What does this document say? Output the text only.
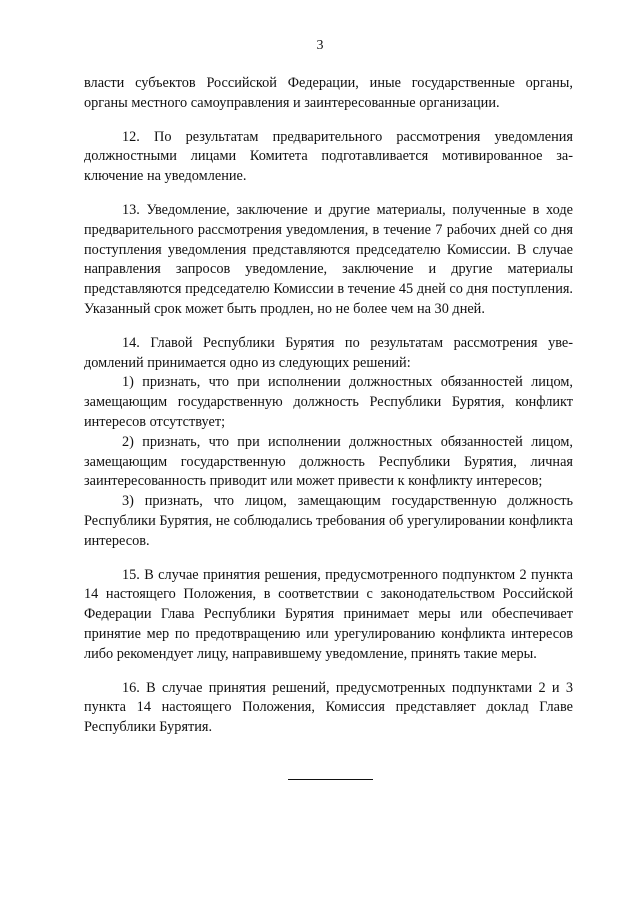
3

власти субъектов Российской Федерации, иные государственные органы, органы местного самоуправления и заинтересованные организации.

12. По результатам предварительного рассмотрения уведомления должностными лицами Комитета подготавливается мотивированное заключение на уведомление.

13. Уведомление, заключение и другие материалы, полученные в ходе предварительного рассмотрения уведомления, в течение 7 рабочих дней со дня поступления уведомления представляются председателю Комиссии. В случае направления запросов уведомление, заключение и другие материалы представляются председателю Комиссии в течение 45 дней со дня поступления. Указанный срок может быть продлен, но не более чем на 30 дней.

14. Главой Республики Бурятия по результатам рассмотрения уведомлений принимается одно из следующих решений:

1) признать, что при исполнении должностных обязанностей лицом, замещающим государственную должность Республики Бурятия, конфликт интересов отсутствует;

2) признать, что при исполнении должностных обязанностей лицом, замещающим государственную должность Республики Бурятия, личная заинтересованность приводит или может привести к конфликту интересов;

3) признать, что лицом, замещающим государственную должность Республики Бурятия, не соблюдались требования об урегулировании конфликта интересов.

15. В случае принятия решения, предусмотренного подпунктом 2 пункта 14 настоящего Положения, в соответствии с законодательством Российской Федерации Глава Республики Бурятия принимает меры или обеспечивает принятие мер по предотвращению или урегулированию конфликта интересов либо рекомендует лицу, направившему уведомление, принять такие меры.

16. В случае принятия решений, предусмотренных подпунктами 2 и 3 пункта 14 настоящего Положения, Комиссия представляет доклад Главе Республики Бурятия.
